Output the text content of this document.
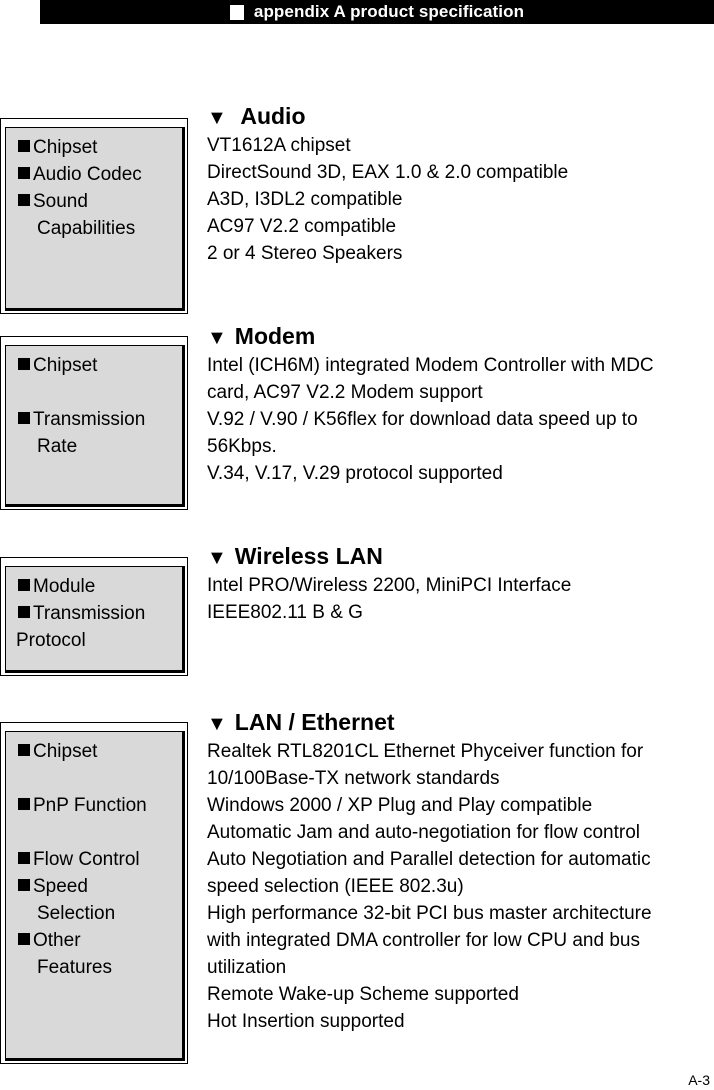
appendix A product specification
Chipset
Audio Codec
Sound
Capabilities
▼ Audio
VT1612A chipset
DirectSound 3D, EAX 1.0 & 2.0 compatible
A3D, I3DL2 compatible
AC97 V2.2 compatible
2 or 4 Stereo Speakers
Chipset
Transmission
Rate
▼ Modem
Intel (ICH6M) integrated Modem Controller with MDC
card, AC97 V2.2 Modem support
V.92 / V.90 / K56flex for download data speed up to
56Kbps.
V.34, V.17, V.29 protocol supported
Module
Transmission
Protocol
▼ Wireless LAN
Intel PRO/Wireless 2200, MiniPCI Interface
IEEE802.11 B & G
Chipset
PnP Function
Flow Control
Speed
Selection
Other
Features
▼ LAN / Ethernet
Realtek RTL8201CL Ethernet Phyceiver function for
10/100Base-TX network standards
Windows 2000 / XP Plug and Play compatible
Automatic Jam and auto-negotiation for flow control
Auto Negotiation and Parallel detection for automatic
speed selection (IEEE 802.3u)
High performance 32-bit PCI bus master architecture
with integrated DMA controller for low CPU and bus
utilization
Remote Wake-up Scheme supported
Hot Insertion supported
A-3
